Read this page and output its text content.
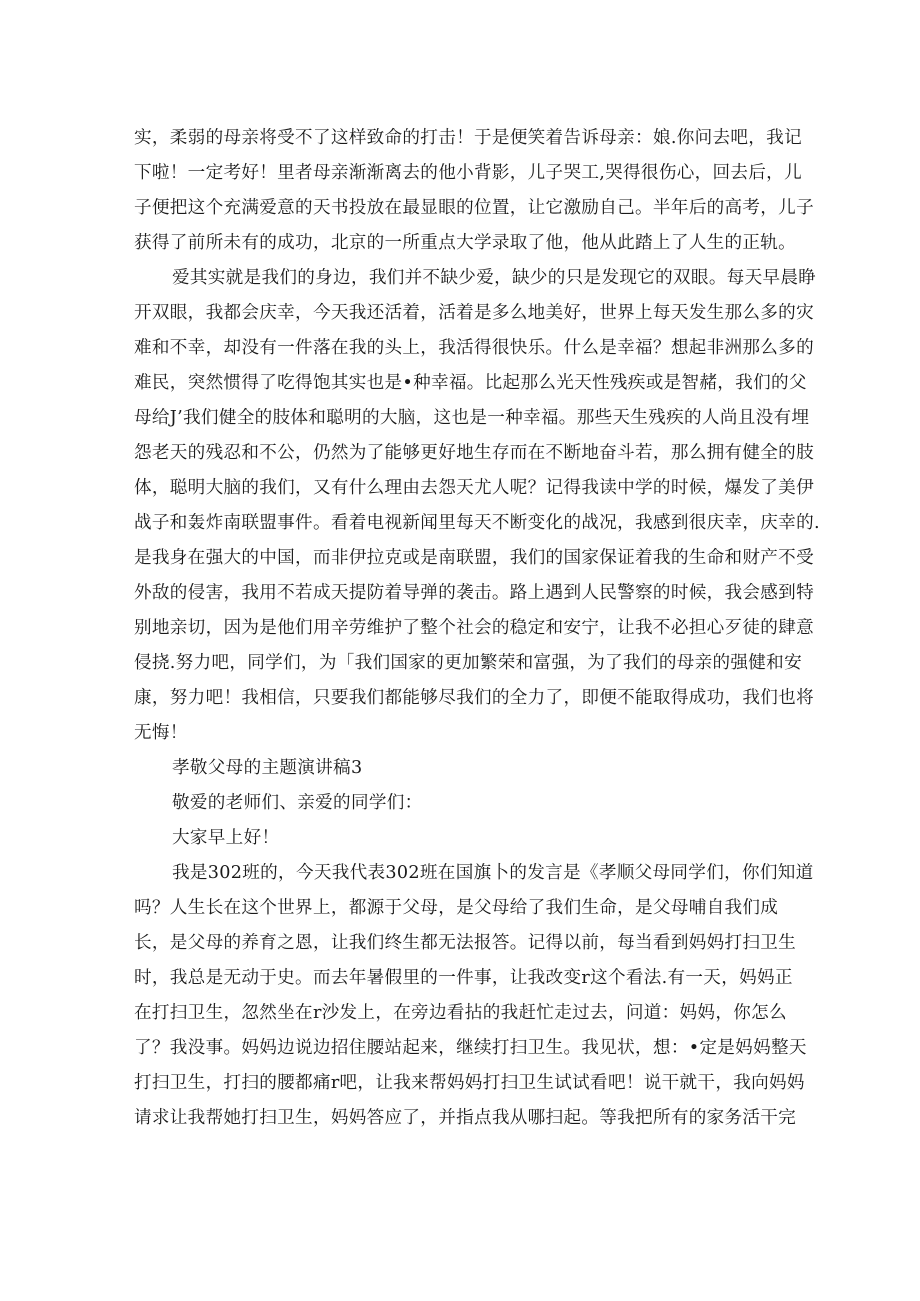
实，柔弱的母亲将受不了这样致命的打击！于是便笑着告诉母亲：娘.你问去吧，我记
下啦！一定考好！里者母亲渐渐离去的他小背影，儿子哭工,哭得很伤心，回去后，儿
子便把这个充满爱意的天书投放在最显眼的位置，让它激励自己。半年后的高考，儿子
获得了前所未有的成功，北京的一所重点大学录取了他，他从此踏上了人生的正轨。
爱其实就是我们的身边，我们并不缺少爱，缺少的只是发现它的双眼。每天早晨睁
开双眼，我都会庆幸，今天我还活着，活着是多么地美好，世界上每天发生那么多的灾
难和不幸，却没有一件落在我的头上，我活得很快乐。什么是幸福？想起非洲那么多的
难民，突然惯得了吃得饱其实也是•种幸福。比起那么光天性残疾或是智赭，我们的父
母给J’我们健全的肢体和聪明的大脑，这也是一种幸福。那些天生残疾的人尚且没有埋
怨老天的残忍和不公，仍然为了能够更好地生存而在不断地奋斗若，那么拥有健全的肢
体，聪明大脑的我们，又有什么理由去怨天尤人呢？记得我读中学的时候，爆发了美伊
战子和轰炸南联盟事件。看着电视新闻里每天不断变化的战况，我感到很庆幸，庆幸的.
是我身在强大的中国，而非伊拉克或是南联盟，我们的国家保证着我的生命和财产不受
外敌的侵害，我用不若成天提防着导弹的袭击。路上遇到人民警察的时候，我会感到特
别地亲切，因为是他们用辛劳维护了整个社会的稳定和安宁，让我不必担心歹徒的肆意
侵挠.努力吧，同学们，为「我们国家的更加繁荣和富强，为了我们的母亲的强健和安
康，努力吧！我相信，只要我们都能够尽我们的全力了，即便不能取得成功，我们也将
无悔！
孝敬父母的主题演讲稿3
敬爱的老师们、亲爱的同学们：
大家早上好！
我是302班的，今天我代表302班在国旗卜的发言是《孝顺父母同学们，你们知道
吗？人生长在这个世界上，都源于父母，是父母给了我们生命，是父母哺自我们成
长，是父母的养育之恩，让我们终生都无法报答。记得以前，每当看到妈妈打扫卫生
时，我总是无动于史。而去年暑假里的一件事，让我改变r这个看法.有一天，妈妈正
在打扫卫生，忽然坐在r沙发上，在旁边看拈的我赶忙走过去，问道：妈妈，你怎么
了？我没事。妈妈边说边招住腰站起来，继续打扫卫生。我见状，想：•定是妈妈整天
打扫卫生，打扫的腰都痛r吧，让我来帮妈妈打扫卫生试试看吧！说干就干，我向妈妈
请求让我帮她打扫卫生，妈妈答应了，并指点我从哪扫起。等我把所有的家务活干完
